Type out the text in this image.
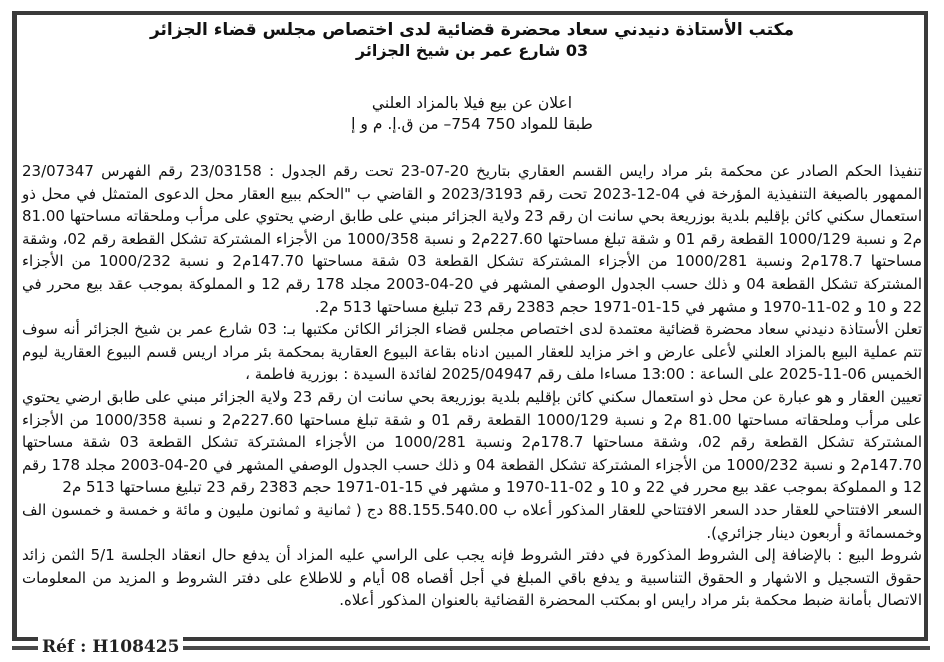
مكتب الأستاذة دنيدني سعاد محضرة قضائية لدى اختصاص مجلس قضاء الجزائر

03 شارع عمر بن شيخ الجزائر

اعلان عن بيع فيلا بالمزاد العلني

طبقا للمواد 750 754– من ق.إ. م و إ

تنفيذا الحكم الصادر عن محكمة بئر مراد رايس القسم العقاري بتاريخ 20-07-23 تحت رقم الجدول : 23/03158 رقم الفهرس 23/07347 الممهور بالصيغة التنفيذية المؤرخة في 04-12-2023 تحت رقم 2023/3193 و القاضي ب "الحكم ببيع العقار محل الدعوى المتمثل في محل ذو استعمال سكني كائن بإقليم بلدية بوزريعة بحي سانت ان رقم 23 ولاية الجزائر مبني على طابق ارضي يحتوي على مرأب وملحقاته مساحتها 81.00 م2 و نسبة 1000/129 القطعة رقم 01 و شقة تبلغ مساحتها 227.60م2 و نسبة 1000/358 من الأجزاء المشتركة تشكل القطعة رقم 02، وشقة مساحتها 178.7م2 ونسبة 1000/281 من الأجزاء المشتركة تشكل القطعة 03 شقة مساحتها 147.70م2 و نسبة 1000/232 من الأجزاء المشتركة تشكل القطعة 04 و ذلك حسب الجدول الوصفي المشهر في 20-04-2003 مجلد 178 رقم 12 و المملوكة بموجب عقد بيع محرر في 22 و 10 و 02-11-1970 و مشهر في 15-01-1971 حجم 2383 رقم 23 تبليغ مساحتها 513 م2.

تعلن الأستاذة دنيدني سعاد محضرة قضائية معتمدة لدى اختصاص مجلس قضاء الجزائر الكائن مكتبها بـ: 03 شارع عمر بن شيخ الجزائر أنه سوف تتم عملية البيع بالمزاد العلني لأعلى عارض و اخر مزايد للعقار المبين ادناه بقاعة البيوع العقارية بمحكمة بئر مراد اريس قسم البيوع العقارية ليوم الخميس 06-11-2025 على الساعة : 13:00 مساءا ملف رقم 2025/04947 لفائدة السيدة : بوزرية فاطمة ،

تعيين العقار و هو عبارة عن محل ذو استعمال سكني كائن بإقليم بلدية بوزريعة بحي سانت ان رقم 23 ولاية الجزائر مبني على طابق ارضي يحتوي على مرأب وملحقاته مساحتها 81.00 م2 و نسبة 1000/129 القطعة رقم 01 و شقة تبلغ مساحتها 227.60م2 و نسبة 1000/358 من الأجزاء المشتركة تشكل القطعة رقم 02، وشقة مساحتها 178.7م2 ونسبة 1000/281 من الأجزاء المشتركة تشكل القطعة 03 شقة مساحتها 147.70م2 و نسبة 1000/232 من الأجزاء المشتركة تشكل القطعة 04 و ذلك حسب الجدول الوصفي المشهر في 20-04-2003 مجلد 178 رقم 12 و المملوكة بموجب عقد بيع محرر في 22 و 10 و 02-11-1970 و مشهر في 15-01-1971 حجم 2383 رقم 23 تبليغ مساحتها 513 م2

السعر الافتتاحي للعقار حدد السعر الافتتاحي للعقار المذكور أعلاه ب 88.155.540.00 دج ( ثمانية و ثمانون مليون و مائة و خمسة و خمسون الف وخمسمائة و أربعون دينار جزائري).

شروط البيع : بالإضافة إلى الشروط المذكورة في دفتر الشروط فإنه يجب على الراسي عليه المزاد أن يدفع حال انعقاد الجلسة 5/1 الثمن زائد حقوق التسجيل و الاشهار و الحقوق التناسبية و يدفع باقي المبلغ في أجل أقصاه 08 أيام و للاطلاع على دفتر الشروط و المزيد من المعلومات الاتصال بأمانة ضبط محكمة بئر مراد رايس او بمكتب المحضرة القضائية بالعنوان المذكور أعلاه.

Réf : H108425
